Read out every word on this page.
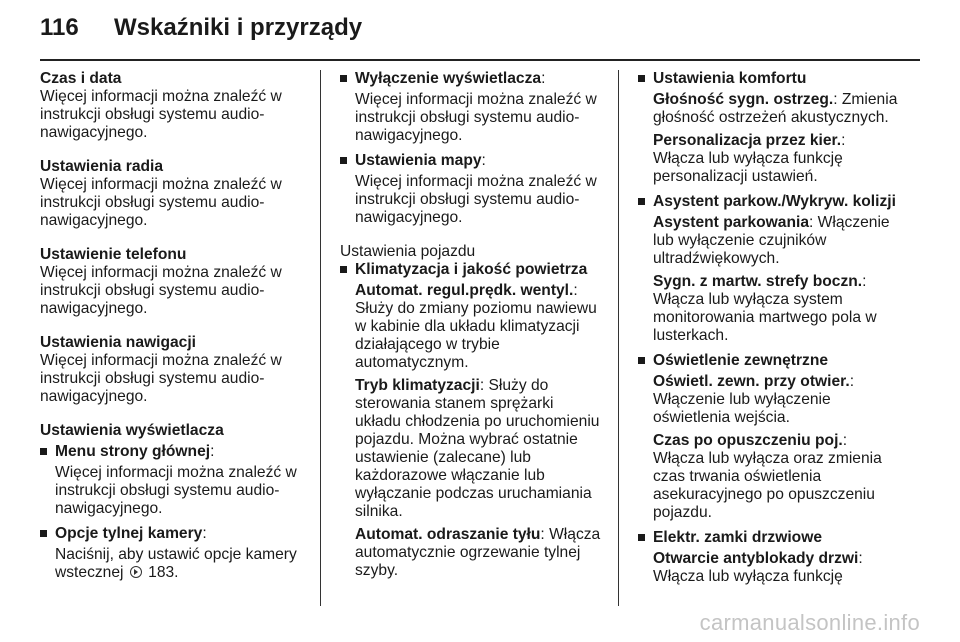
116	Wskaźniki i przyrządy
Czas i data
Więcej informacji można znaleźć w instrukcji obsługi systemu audio-nawigacyjnego.
Ustawienia radia
Więcej informacji można znaleźć w instrukcji obsługi systemu audio-nawigacyjnego.
Ustawienie telefonu
Więcej informacji można znaleźć w instrukcji obsługi systemu audio-nawigacyjnego.
Ustawienia nawigacji
Więcej informacji można znaleźć w instrukcji obsługi systemu audio-nawigacyjnego.
Ustawienia wyświetlacza
Menu strony głównej:
Więcej informacji można znaleźć w instrukcji obsługi systemu audio-nawigacyjnego.
Opcje tylnej kamery:
Naciśnij, aby ustawić opcje kamery wstecznej 183.
Wyłączenie wyświetlacza:
Więcej informacji można znaleźć w instrukcji obsługi systemu audio-nawigacyjnego.
Ustawienia mapy:
Więcej informacji można znaleźć w instrukcji obsługi systemu audio-nawigacyjnego.
Ustawienia pojazdu
Klimatyzacja i jakość powietrza
Automat. regul.prędk. wentyl.: Służy do zmiany poziomu nawiewu w kabinie dla układu klimatyzacji działającego w trybie automatycznym.
Tryb klimatyzacji: Służy do sterowania stanem sprężarki układu chłodzenia po uruchomieniu pojazdu. Można wybrać ostatnie ustawienie (zalecane) lub każdorazowe włączanie lub wyłączanie podczas uruchamiania silnika.
Automat. odraszanie tyłu: Włącza automatycznie ogrzewanie tylnej szyby.
Ustawienia komfortu
Głośność sygn. ostrzeg.: Zmienia głośność ostrzeżeń akustycznych.
Personalizacja przez kier.: Włącza lub wyłącza funkcję personalizacji ustawień.
Asystent parkow./Wykryw. kolizji
Asystent parkowania: Włączenie lub wyłączenie czujników ultradźwiękowych.
Sygn. z martw. strefy boczn.: Włącza lub wyłącza system monitorowania martwego pola w lusterkach.
Oświetlenie zewnętrzne
Oświetl. zewn. przy otwier.: Włączenie lub wyłączenie oświetlenia wejścia.
Czas po opuszczeniu poj.: Włącza lub wyłącza oraz zmienia czas trwania oświetlenia asekuracyjnego po opuszczeniu pojazdu.
Elektr. zamki drzwiowe
Otwarcie antyblokady drzwi: Włącza lub wyłącza funkcję
carmanualsonline.info
